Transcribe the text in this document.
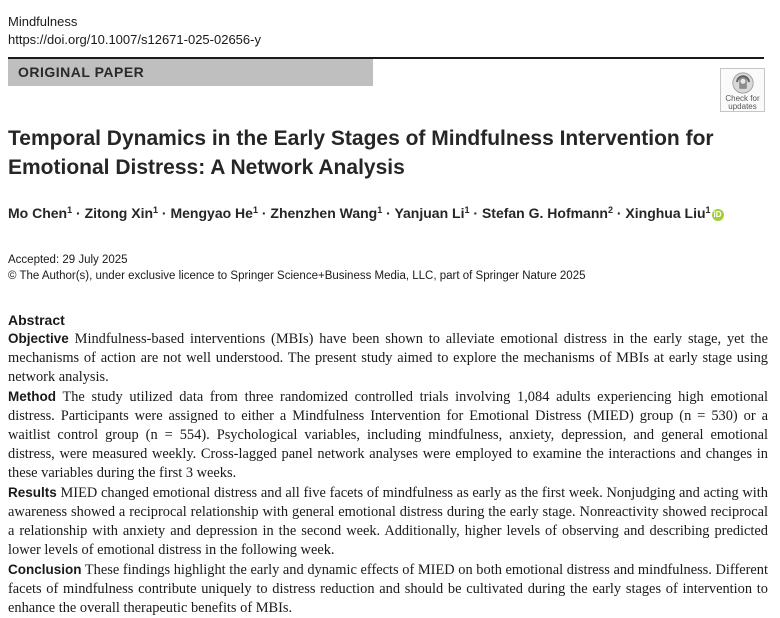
Mindfulness
https://doi.org/10.1007/s12671-025-02656-y
ORIGINAL PAPER
Check for updates
Temporal Dynamics in the Early Stages of Mindfulness Intervention for Emotional Distress: A Network Analysis
Mo Chen$^1$ · Zitong Xin$^1$ · Mengyao $He^1$ · Zhenzhen Wang$^1$ · Yanjuan $Li^1$ · Stefan G. Hofmann$^2$ · Xinghua Liu$^1$ iD
Accepted: 29 July 2025
© The Author(s), under exclusive licence to Springer Science+Business Media, LLC, part of Springer Nature 2025
Abstract

Objective Mindfulness-based interventions (MBIs) have been shown to alleviate emotional distress in the early stage, yet the mechanisms of action are not well understood. The present study aimed to explore the mechanisms of MBIs at early stage using network analysis.

Method The study utilized data from three randomized controlled trials involving 1,084 adults experiencing high emotional distress. Participants were assigned to either a Mindfulness Intervention for Emotional Distress (MIED) group (n = 530) or a waitlist control group (n = 554). Psychological variables, including mindfulness, anxiety, depression, and general emotional distress, were measured weekly. Cross-lagged panel network analyses were employed to examine the interactions and changes in these variables during the first 3 weeks.

Results MIED changed emotional distress and all five facets of mindfulness as early as the first week. Nonjudging and acting with awareness showed a reciprocal relationship with general emotional distress during the early stage. Nonreactivity showed reciprocal a relationship with anxiety and depression in the second week. Additionally, higher levels of observing and describing predicted lower levels of emotional distress in the following week.

Conclusion These findings highlight the early and dynamic effects of MIED on both emotional distress and mindfulness. Different facets of mindfulness contribute uniquely to distress reduction and should be cultivated during the early stages of intervention to enhance the overall therapeutic benefits of MBIs.
